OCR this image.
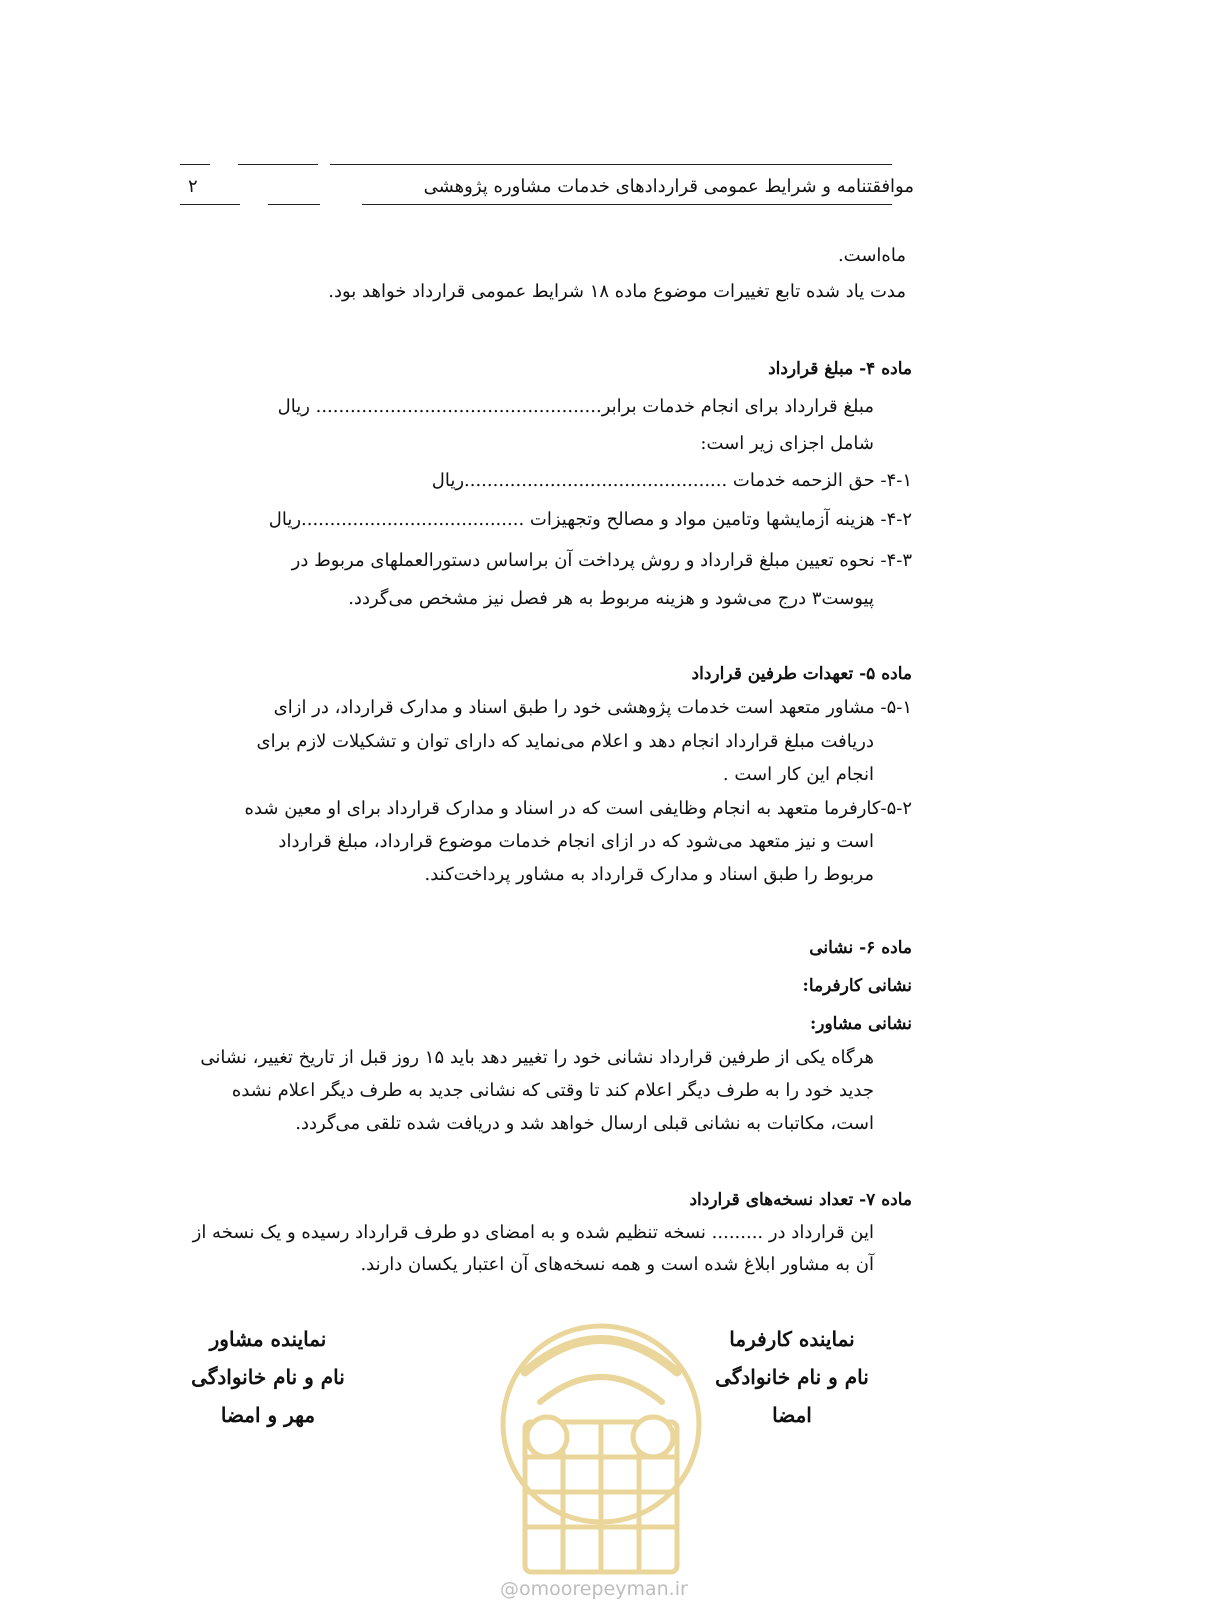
موافقتنامه و شرایط عمومی قراردادهای خدمات مشاوره پژوهشی
۲
ماه‌است.
مدت یاد شده تابع تغییرات موضوع ماده ۱۸ شرایط عمومی قرارداد خواهد بود.
ماده ۴- مبلغ قرارداد
مبلغ قرارداد برای انجام خدمات برابر.................................................. ریال
شامل اجزای زیر است:
۴-۱- حق الزحمه خدمات ..............................................ریال
۴-۲- هزینه آزمایشها وتامین مواد و مصالح وتجهیزات .......................................ریال
۴-۳- نحوه تعیین مبلغ قرارداد و روش پرداخت آن براساس دستورالعملهای مربوط در
پیوست۳ درج می‌شود و هزینه مربوط به هر فصل نیز مشخص می‌گردد.
ماده ۵- تعهدات طرفین قرارداد
۵-۱- مشاور متعهد است خدمات پژوهشی خود را طبق اسناد و مدارک قرارداد، در ازای
دریافت مبلغ قرارداد انجام دهد و اعلام می‌نماید که دارای توان و تشکیلات لازم برای
انجام این کار است .
۵-۲-کارفرما متعهد به انجام وظایفی است که در اسناد و مدارک قرارداد برای او معین شده
است و نیز متعهد می‌شود که در ازای انجام خدمات موضوع قرارداد، مبلغ قرارداد
مربوط را طبق اسناد و مدارک قرارداد به مشاور پرداخت‌کند.
ماده ۶- نشانی
نشانی کارفرما:
نشانی مشاور:
هرگاه یکی از طرفین قرارداد نشانی خود را تغییر دهد باید ۱۵ روز قبل از تاریخ تغییر، نشانی
جدید خود را به طرف دیگر اعلام کند تا وقتی که نشانی جدید به طرف دیگر اعلام نشده
است، مکاتبات به نشانی قبلی ارسال خواهد شد و دریافت شده تلقی می‌گردد.
ماده ۷- تعداد نسخه‌های قرارداد
این قرارداد در ......... نسخه تنظیم شده و به امضای دو طرف قرارداد رسیده و یک نسخه از
آن به مشاور ابلاغ شده است و همه نسخه‌های آن اعتبار یکسان دارند.
نماینده کارفرما
نام و نام خانوادگی
امضا
نماینده مشاور
نام و نام خانوادگی
مهر و امضا
@omoorepeyman.ir
